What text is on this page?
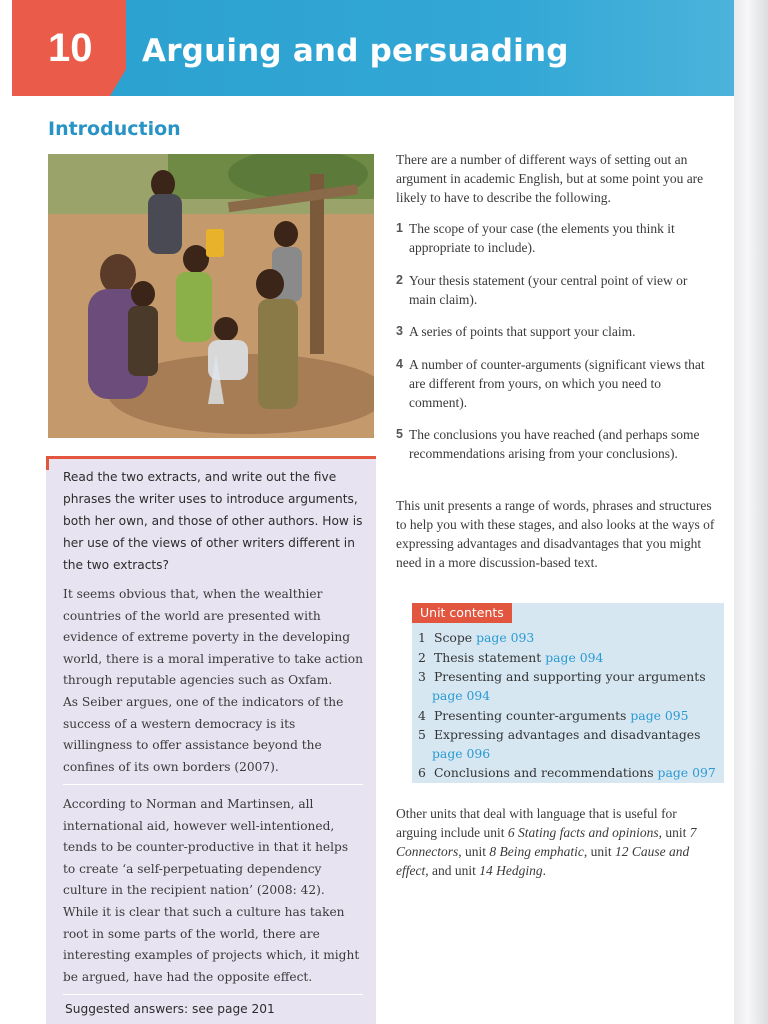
10 Arguing and persuading
Introduction
Read the two extracts, and write out the five phrases the writer uses to introduce arguments, both her own, and those of other authors. How is her use of the views of other writers different in the two extracts?
It seems obvious that, when the wealthier countries of the world are presented with evidence of extreme poverty in the developing world, there is a moral imperative to take action through reputable agencies such as Oxfam.
As Seiber argues, one of the indicators of the success of a western democracy is its willingness to offer assistance beyond the confines of its own borders (2007).
According to Norman and Martinsen, all international aid, however well-intentioned, tends to be counter-productive in that it helps to create ‘a self-perpetuating dependency culture in the recipient nation’ (2008: 42). While it is clear that such a culture has taken root in some parts of the world, there are interesting examples of projects which, it might be argued, have had the opposite effect.
Suggested answers: see page 201
There are a number of different ways of setting out an argument in academic English, but at some point you are likely to have to describe the following.
1 The scope of your case (the elements you think it appropriate to include).
2 Your thesis statement (your central point of view or main claim).
3 A series of points that support your claim.
4 A number of counter-arguments (significant views that are different from yours, on which you need to comment).
5 The conclusions you have reached (and perhaps some recommendations arising from your conclusions).
This unit presents a range of words, phrases and structures to help you with these stages, and also looks at the ways of expressing advantages and disadvantages that you might need in a more discussion-based text.
Unit contents
1 Scope page 093
2 Thesis statement page 094
3 Presenting and supporting your arguments
page 094
4 Presenting counter-arguments page 095
5 Expressing advantages and disadvantages
page 096
6 Conclusions and recommendations page 097
Other units that deal with language that is useful for arguing include unit 6 Stating facts and opinions, unit 7 Connectors, unit 8 Being emphatic, unit 12 Cause and effect, and unit 14 Hedging.
